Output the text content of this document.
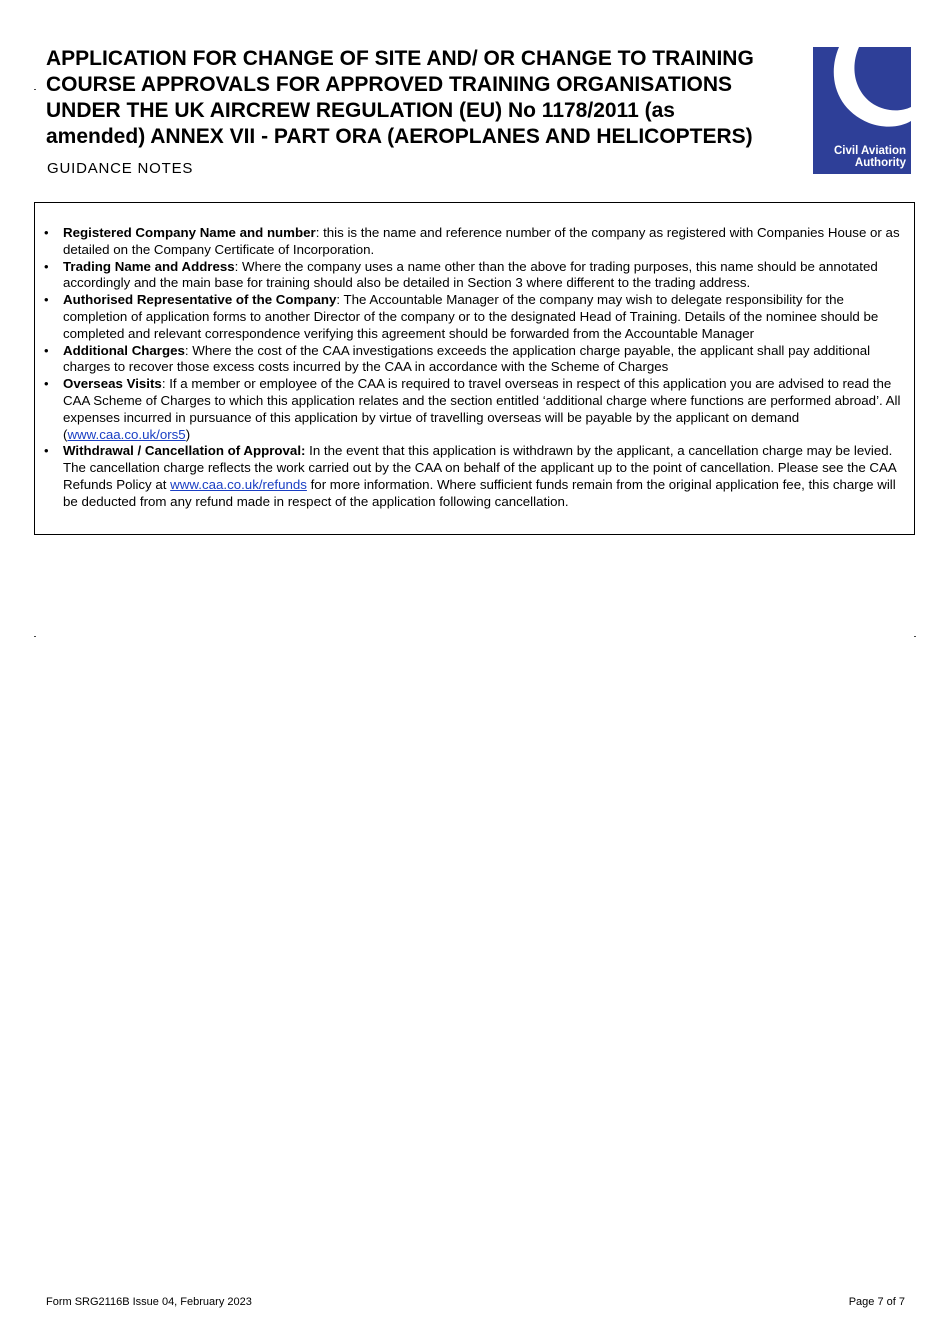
APPLICATION FOR CHANGE OF SITE AND/ OR CHANGE TO TRAINING
COURSE APPROVALS FOR APPROVED TRAINING ORGANISATIONS
UNDER THE UK AIRCREW REGULATION (EU) No 1178/2011 (as
amended) ANNEX VII - PART ORA (AEROPLANES AND HELICOPTERS)

GUIDANCE NOTES

Civil Aviation
Authority
• Registered Company Name and number: this is the name and reference number of the company as registered with Companies House or as detailed on the Company Certificate of Incorporation.
• Trading Name and Address: Where the company uses a name other than the above for trading purposes, this name should be annotated accordingly and the main base for training should also be detailed in Section 3 where different to the trading address.
• Authorised Representative of the Company: The Accountable Manager of the company may wish to delegate responsibility for the completion of application forms to another Director of the company or to the designated Head of Training. Details of the nominee should be completed and relevant correspondence verifying this agreement should be forwarded from the Accountable Manager
• Additional Charges: Where the cost of the CAA investigations exceeds the application charge payable, the applicant shall pay additional charges to recover those excess costs incurred by the CAA in accordance with the Scheme of Charges
• Overseas Visits: If a member or employee of the CAA is required to travel overseas in respect of this application you are advised to read the CAA Scheme of Charges to which this application relates and the section entitled ‘additional charge where functions are performed abroad’. All expenses incurred in pursuance of this application by virtue of travelling overseas will be payable by the applicant on demand (www.caa.co.uk/ors5)
• Withdrawal / Cancellation of Approval: In the event that this application is withdrawn by the applicant, a cancellation charge may be levied. The cancellation charge reflects the work carried out by the CAA on behalf of the applicant up to the point of cancellation. Please see the CAA Refunds Policy at www.caa.co.uk/refunds for more information. Where sufficient funds remain from the original application fee, this charge will be deducted from any refund made in respect of the application following cancellation.
Form SRG2116B Issue 04, February 2023	Page 7 of 7
